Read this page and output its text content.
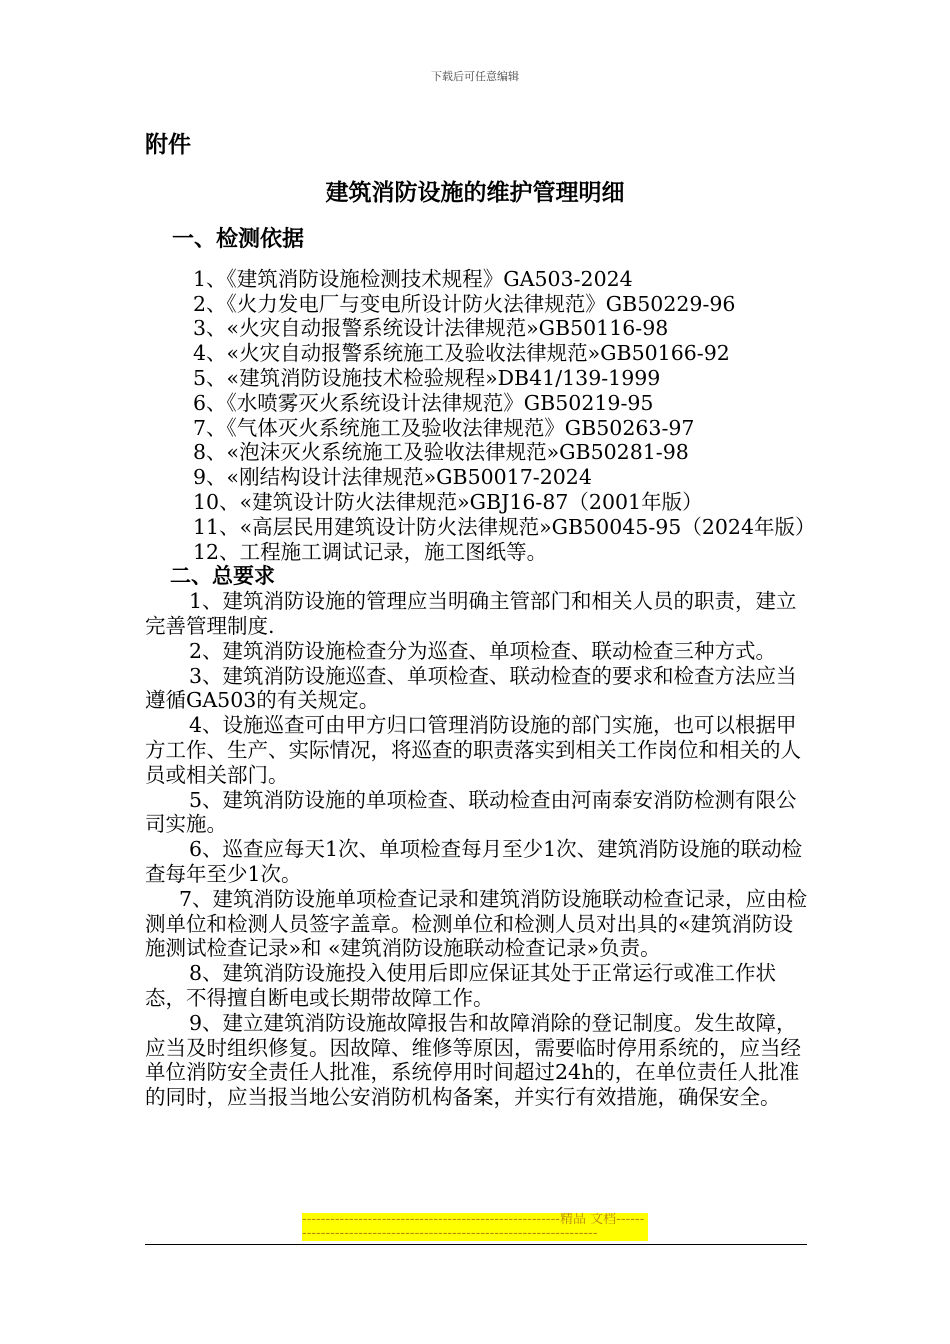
下载后可任意编辑
附件
建筑消防设施的维护管理明细
一、检测依据

1、《建筑消防设施检测技术规程》GA503-2024

2、《火力发电厂与变电所设计防火法律规范》GB50229-96

3、«火灾自动报警系统设计法律规范»GB50116-98

4、«火灾自动报警系统施工及验收法律规范»GB50166-92

5、«建筑消防设施技术检验规程»DB41/139-1999

6、《水喷雾灭火系统设计法律规范》GB50219-95

7、《气体灭火系统施工及验收法律规范》GB50263-97

8、«泡沫灭火系统施工及验收法律规范»GB50281-98

9、«刚结构设计法律规范»GB50017-2024

10、«建筑设计防火法律规范»GBJ16-87（2001年版）

11、«高层民用建筑设计防火法律规范»GB50045-95（2024年版）

12、工程施工调试记录，施工图纸等。

二、总要求

1、建筑消防设施的管理应当明确主管部门和相关人员的职责，建立完善管理制度.

2、建筑消防设施检查分为巡查、单项检查、联动检查三种方式。

3、建筑消防设施巡查、单项检查、联动检查的要求和检查方法应当遵循GA503的有关规定。

4、设施巡查可由甲方归口管理消防设施的部门实施，也可以根据甲方工作、生产、实际情况，将巡查的职责落实到相关工作岗位和相关的人员或相关部门。

5、建筑消防设施的单项检查、联动检查由河南泰安消防检测有限公司实施。

6、巡查应每天1次、单项检查每月至少1次、建筑消防设施的联动检查每年至少1次。

7、建筑消防设施单项检查记录和建筑消防设施联动检查记录，应由检测单位和检测人员签字盖章。检测单位和检测人员对出具的«建筑消防设施测试检查记录»和 «建筑消防设施联动检查记录»负责。

8、建筑消防设施投入使用后即应保证其处于正常运行或准工作状态，不得擅自断电或长期带故障工作。

9、建立建筑消防设施故障报告和故障消除的登记制度。发生故障，应当及时组织修复。因故障、维修等原因，需要临时停用系统的，应当经单位消防安全责任人批准，系统停用时间超过24h的，在单位责任人批准的同时，应当报当地公安消防机构备案，并实行有效措施，确保安全。

-------------------------------------------------------精品 文档---------------------------------------------------------------------
